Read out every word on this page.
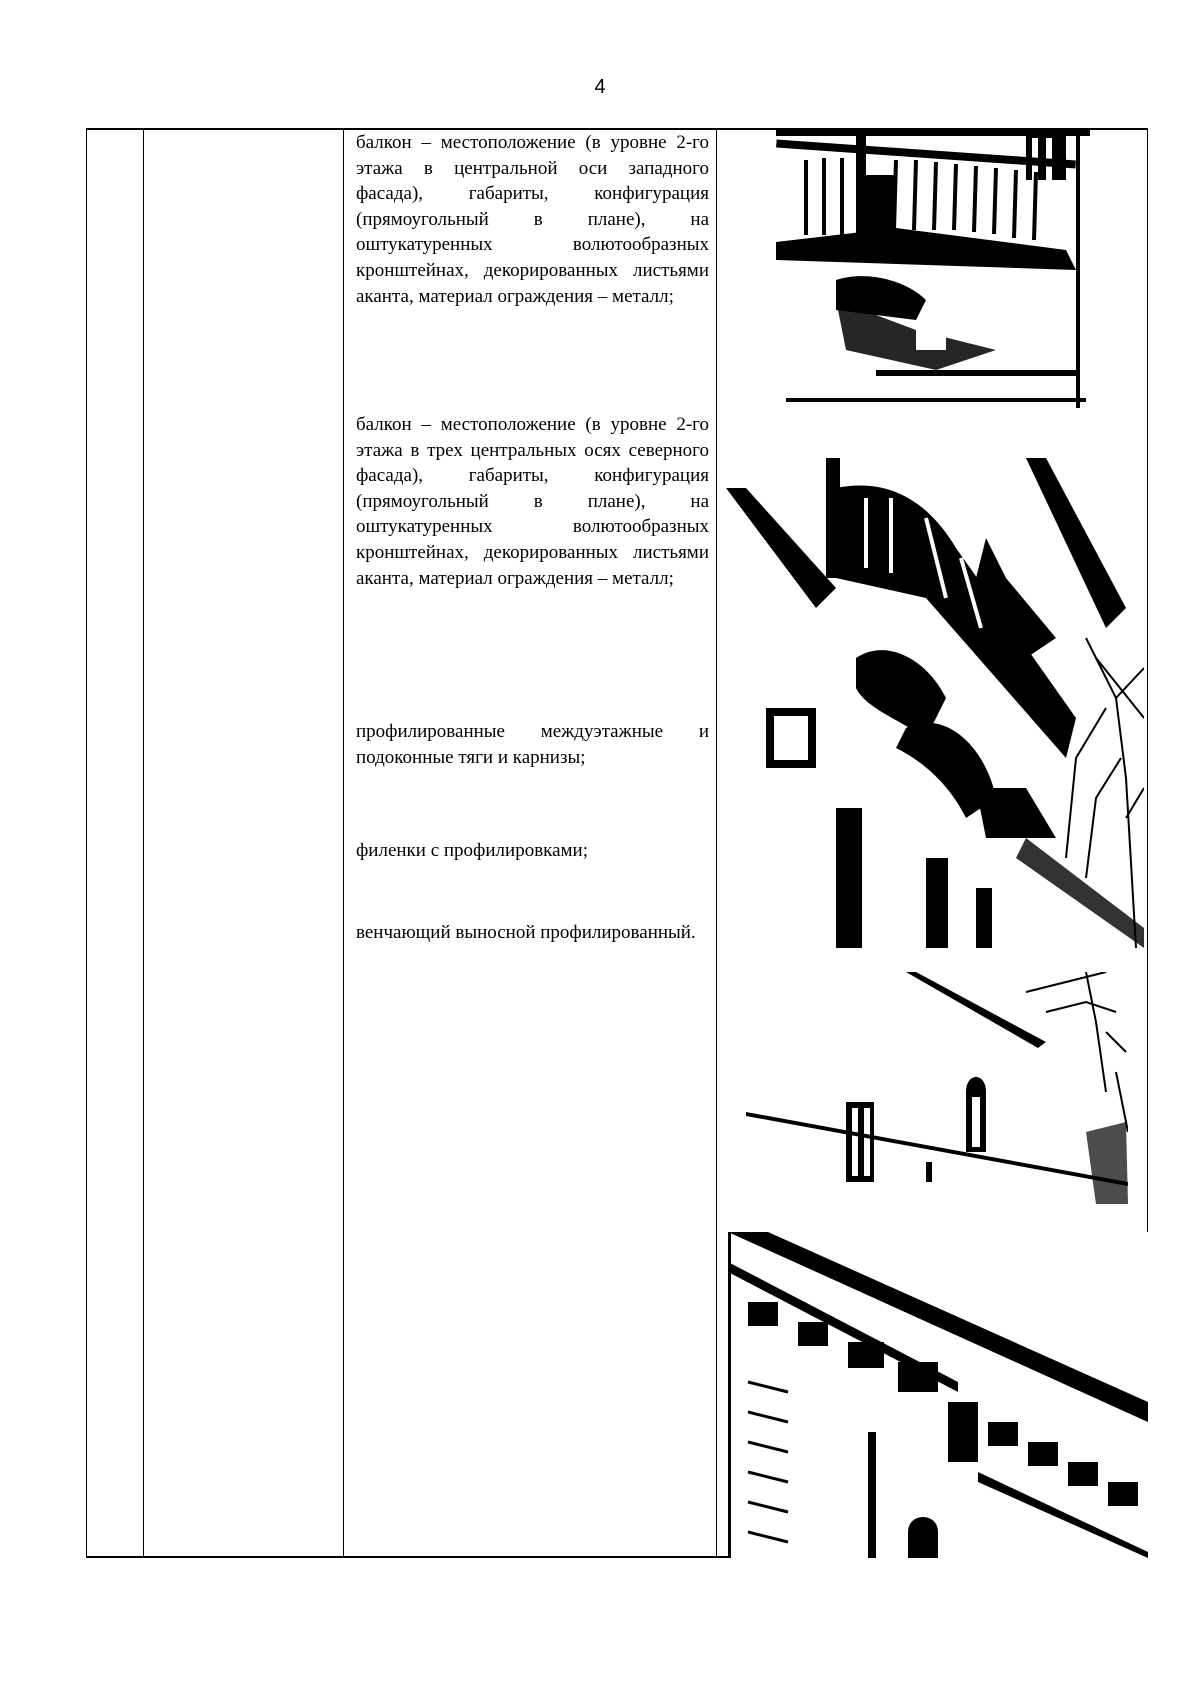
4

балкон – местоположение (в уровне 2-го этажа в центральной оси западного фасада), габариты, конфигурация (прямоугольный в плане), на оштукатуренных волютообразных кронштейнах, декорированных листьями аканта, материал ограждения – металл;

балкон – местоположение (в уровне 2-го этажа в трех центральных осях северного фасада), габариты, конфигурация (прямоугольный в плане), на оштукатуренных волютообразных кронштейнах, декорированных листьями аканта, материал ограждения – металл;

профилированные междуэтажные и подоконные тяги и карнизы;

филенки с профилировками;

венчающий выносной профилированный.
